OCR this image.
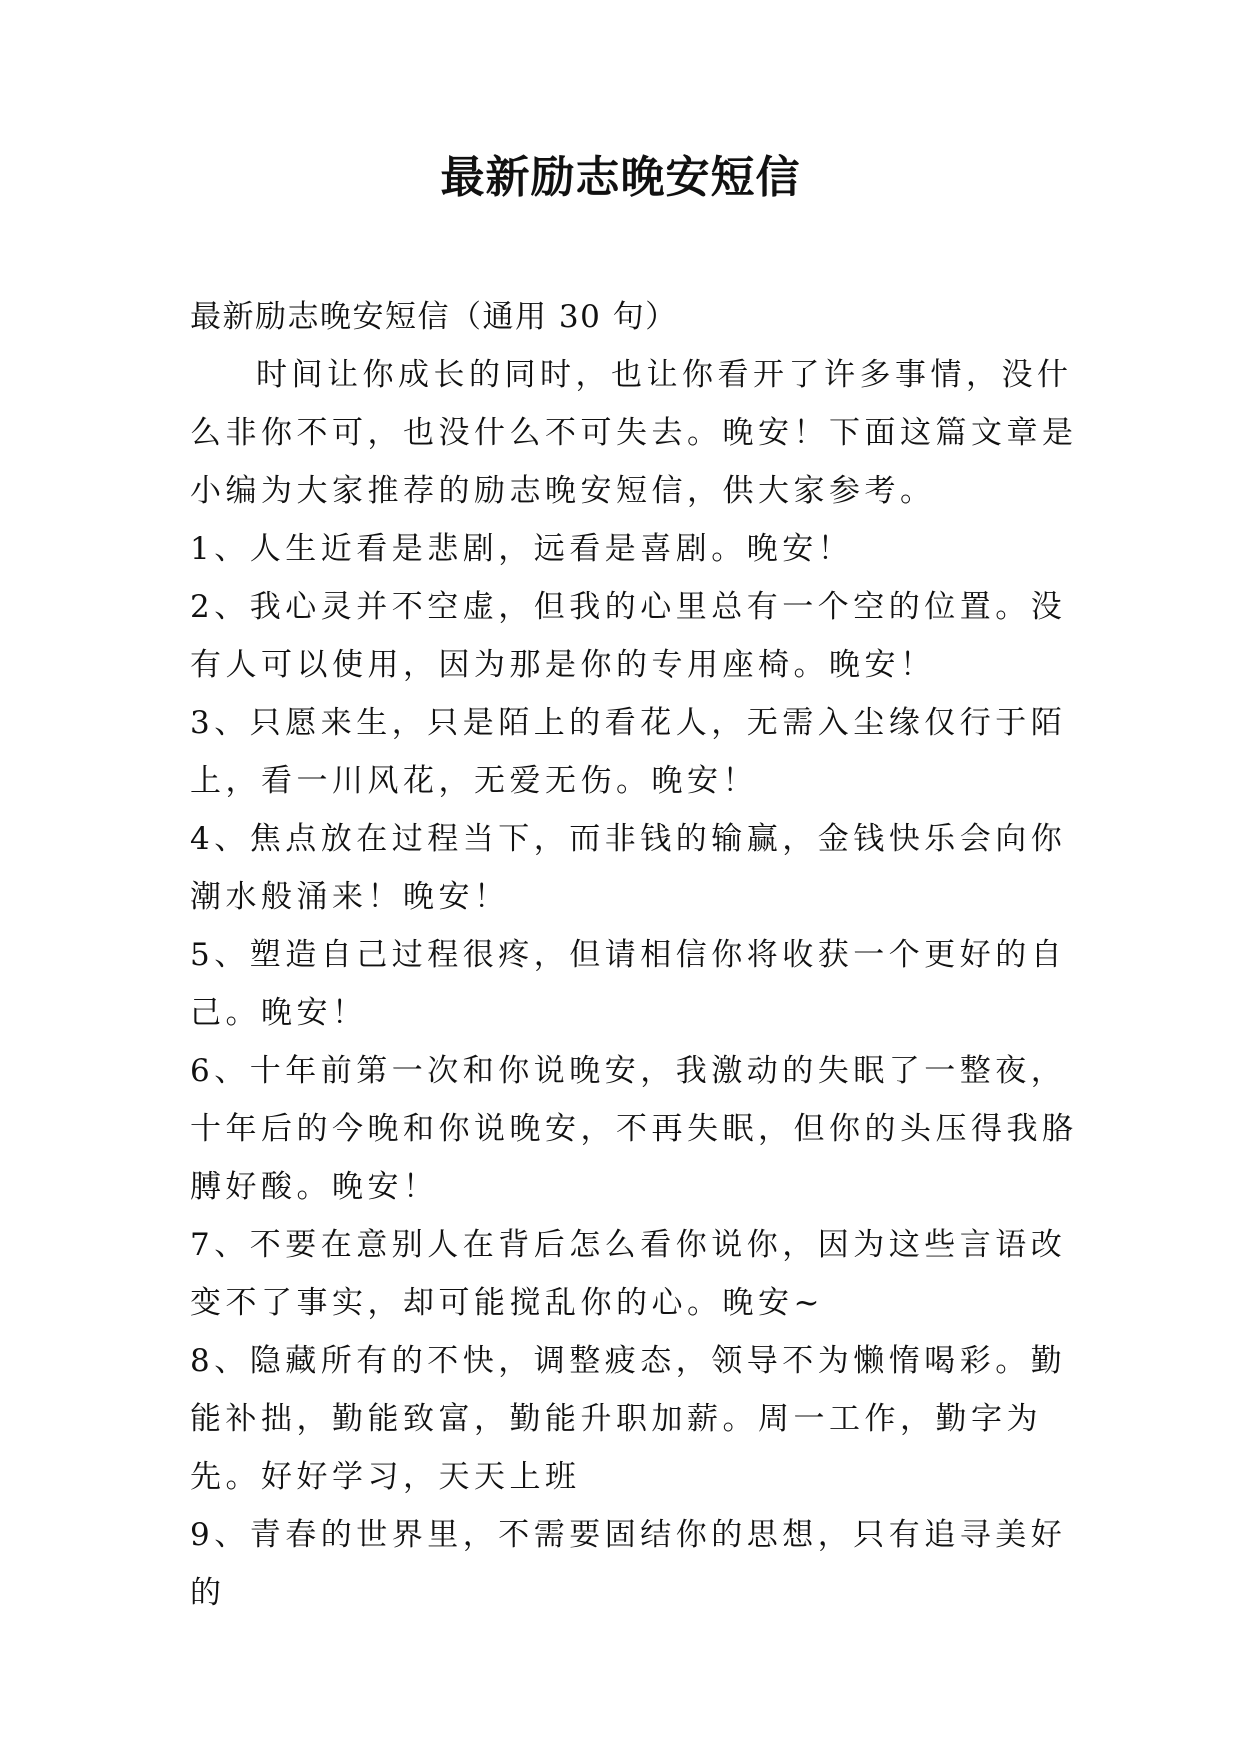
最新励志晚安短信

最新励志晚安短信（通用 30 句）

时间让你成长的同时，也让你看开了许多事情，没什么非你不可，也没什么不可失去。晚安！下面这篇文章是小编为大家推荐的励志晚安短信，供大家参考。

1、人生近看是悲剧，远看是喜剧。晚安！

2、我心灵并不空虚，但我的心里总有一个空的位置。没有人可以使用，因为那是你的专用座椅。晚安！

3、只愿来生，只是陌上的看花人，无需入尘缘仅行于陌上，看一川风花，无爱无伤。晚安！

4、焦点放在过程当下，而非钱的输赢，金钱快乐会向你潮水般涌来！晚安！

5、塑造自己过程很疼，但请相信你将收获一个更好的自己。晚安！

6、十年前第一次和你说晚安，我激动的失眠了一整夜，十年后的今晚和你说晚安，不再失眠，但你的头压得我胳膊好酸。晚安！

7、不要在意别人在背后怎么看你说你，因为这些言语改变不了事实，却可能搅乱你的心。晚安~

8、隐藏所有的不快，调整疲态，领导不为懒惰喝彩。勤能补拙，勤能致富，勤能升职加薪。周一工作，勤字为先。好好学习，天天上班

9、青春的世界里，不需要固结你的思想，只有追寻美好的
